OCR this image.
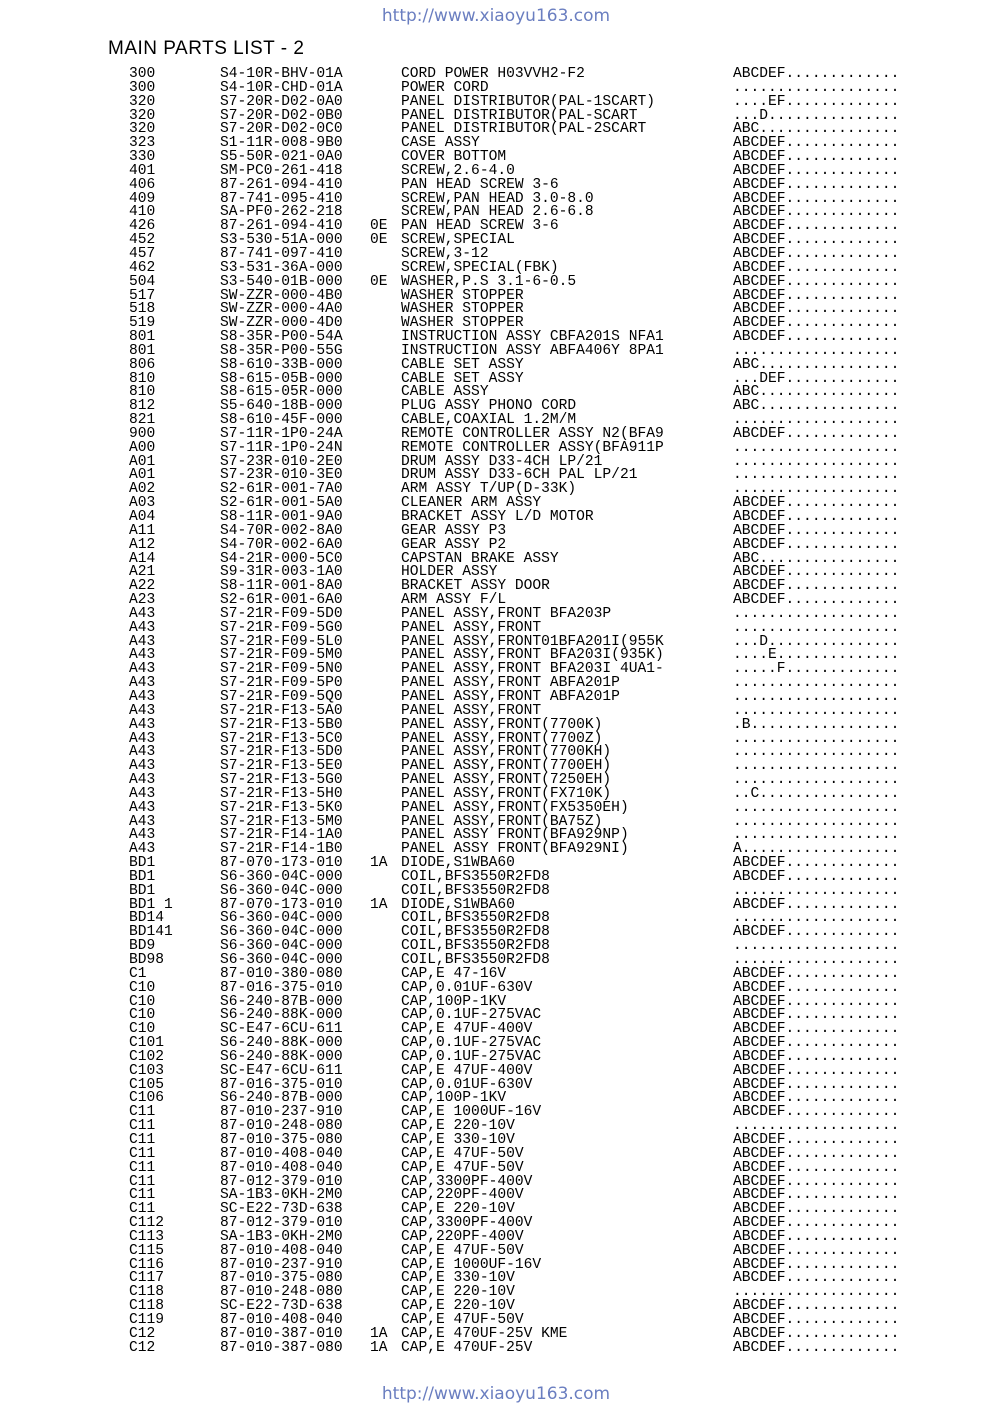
http://www.xiaoyu163.com
MAIN PARTS LIST - 2
300	S4-10R-BHV-01A	CORD POWER H03VVH2-F2	ABCDEF.............
300	S4-10R-CHD-01A	POWER CORD	...................
320	S7-20R-D02-0A0	PANEL DISTRIBUTOR(PAL-1SCART)	....EF.............
320	S7-20R-D02-0B0	PANEL DISTRIBUTOR(PAL-SCART	...D...............
320	S7-20R-D02-0C0	PANEL DISTRIBUTOR(PAL-2SCART	ABC................
323	S1-11R-008-9B0	CASE ASSY	ABCDEF.............
330	S5-50R-021-0A0	COVER BOTTOM	ABCDEF.............
401	SM-PC0-261-418	SCREW,2.6-4.0	ABCDEF.............
406	87-261-094-410	PAN HEAD SCREW 3-6	ABCDEF.............
409	87-741-095-410	SCREW,PAN HEAD 3.0-8.0	ABCDEF.............
410	SA-PF0-262-218	SCREW,PAN HEAD 2.6-6.8	ABCDEF.............
426	87-261-094-410 0E PAN HEAD SCREW 3-6	ABCDEF.............
452	S3-530-51A-000 0E SCREW,SPECIAL	ABCDEF.............
457	87-741-097-410	SCREW,3-12	ABCDEF.............
462	S3-531-36A-000	SCREW,SPECIAL(FBK)	ABCDEF.............
504	S3-540-01B-000 0E WASHER,P.S 3.1-6-0.5	ABCDEF.............
517	SW-ZZR-000-4B0	WASHER STOPPER	ABCDEF.............
518	SW-ZZR-000-4A0	WASHER STOPPER	ABCDEF.............
519	SW-ZZR-000-4D0	WASHER STOPPER	ABCDEF.............
801	S8-35R-P00-54A	INSTRUCTION ASSY CBFA201S NFA1	ABCDEF.............
801	S8-35R-P00-55G	INSTRUCTION ASSY ABFA406Y 8PA1	...................
806	S8-610-33B-000	CABLE SET ASSY	ABC................
810	S8-615-05B-000	CABLE SET ASSY	...DEF.............
810	S8-615-05R-000	CABLE ASSY	ABC................
812	S5-640-18B-000	PLUG ASSY PHONO CORD	ABC................
821	S8-610-45F-000	CABLE,COAXIAL 1.2M/M	...................
900	S7-11R-1P0-24A	REMOTE CONTROLLER ASSY N2(BFA9	ABCDEF.............
A00	S7-11R-1P0-24N	REMOTE CONTROLLER ASSY(BFA911P	...................
A01	S7-23R-010-2E0	DRUM ASSY D33-4CH LP/21	...................
A01	S7-23R-010-3E0	DRUM ASSY D33-6CH PAL LP/21	...................
A02	S2-61R-001-7A0	ARM ASSY T/UP(D-33K)	...................
A03	S2-61R-001-5A0	CLEANER ARM ASSY	ABCDEF.............
A04	S8-11R-001-9A0	BRACKET ASSY L/D MOTOR	ABCDEF.............
A11	S4-70R-002-8A0	GEAR ASSY P3	ABCDEF.............
A12	S4-70R-002-6A0	GEAR ASSY P2	ABCDEF.............
A14	S4-21R-000-5C0	CAPSTAN BRAKE ASSY	ABC................
A21	S9-31R-003-1A0	HOLDER ASSY	ABCDEF.............
A22	S8-11R-001-8A0	BRACKET ASSY DOOR	ABCDEF.............
A23	S2-61R-001-6A0	ARM ASSY F/L	ABCDEF.............
A43	S7-21R-F09-5D0	PANEL ASSY,FRONT BFA203P	...................
A43	S7-21R-F09-5G0	PANEL ASSY,FRONT	...................
A43	S7-21R-F09-5L0	PANEL ASSY,FRONT01BFA201I(955K	...D...............
A43	S7-21R-F09-5M0	PANEL ASSY,FRONT BFA203I(935K)	....E..............
A43	S7-21R-F09-5N0	PANEL ASSY,FRONT BFA203I 4UA1-	.....F.............
A43	S7-21R-F09-5P0	PANEL ASSY,FRONT ABFA201P	...................
A43	S7-21R-F09-5Q0	PANEL ASSY,FRONT ABFA201P	...................
A43	S7-21R-F13-5A0	PANEL ASSY,FRONT	...................
A43	S7-21R-F13-5B0	PANEL ASSY,FRONT(7700K)	.B.................
A43	S7-21R-F13-5C0	PANEL ASSY,FRONT(7700Z)	...................
A43	S7-21R-F13-5D0	PANEL ASSY,FRONT(7700KH)	...................
A43	S7-21R-F13-5E0	PANEL ASSY,FRONT(7700EH)	...................
A43	S7-21R-F13-5G0	PANEL ASSY,FRONT(7250EH)	...................
A43	S7-21R-F13-5H0	PANEL ASSY,FRONT(FX710K)	..C................
A43	S7-21R-F13-5K0	PANEL ASSY,FRONT(FX5350EH)	...................
A43	S7-21R-F13-5M0	PANEL ASSY,FRONT(BA75Z)	...................
A43	S7-21R-F14-1A0	PANEL ASSY FRONT(BFA929NP)	...................
A43	S7-21R-F14-1B0	PANEL ASSY FRONT(BFA929NI)	A..................
BD1	87-070-173-010 1A DIODE,S1WBA60	ABCDEF.............
BD1	S6-360-04C-000	COIL,BFS3550R2FD8	ABCDEF.............
BD1	S6-360-04C-000	COIL,BFS3550R2FD8	...................
BD1 1	87-070-173-010 1A DIODE,S1WBA60	ABCDEF.............
BD14	S6-360-04C-000	COIL,BFS3550R2FD8	...................
BD141	S6-360-04C-000	COIL,BFS3550R2FD8	ABCDEF.............
BD9	S6-360-04C-000	COIL,BFS3550R2FD8	...................
BD98	S6-360-04C-000	COIL,BFS3550R2FD8	...................
C1	87-010-380-080	CAP,E 47-16V	ABCDEF.............
C10	87-016-375-010	CAP,0.01UF-630V	ABCDEF.............
C10	S6-240-87B-000	CAP,100P-1KV	ABCDEF.............
C10	S6-240-88K-000	CAP,0.1UF-275VAC	ABCDEF.............
C10	SC-E47-6CU-611	CAP,E 47UF-400V	ABCDEF.............
C101	S6-240-88K-000	CAP,0.1UF-275VAC	ABCDEF.............
C102	S6-240-88K-000	CAP,0.1UF-275VAC	ABCDEF.............
C103	SC-E47-6CU-611	CAP,E 47UF-400V	ABCDEF.............
C105	87-016-375-010	CAP,0.01UF-630V	ABCDEF.............
C106	S6-240-87B-000	CAP,100P-1KV	ABCDEF.............
C11	87-010-237-910	CAP,E 1000UF-16V	ABCDEF.............
C11	87-010-248-080	CAP,E 220-10V	...................
C11	87-010-375-080	CAP,E 330-10V	ABCDEF.............
C11	87-010-408-040	CAP,E 47UF-50V	ABCDEF.............
C11	87-010-408-040	CAP,E 47UF-50V	ABCDEF.............
C11	87-012-379-010	CAP,3300PF-400V	ABCDEF.............
C11	SA-1B3-0KH-2M0	CAP,220PF-400V	ABCDEF.............
C11	SC-E22-73D-638	CAP,E 220-10V	ABCDEF.............
C112	87-012-379-010	CAP,3300PF-400V	ABCDEF.............
C113	SA-1B3-0KH-2M0	CAP,220PF-400V	ABCDEF.............
C115	87-010-408-040	CAP,E 47UF-50V	ABCDEF.............
C116	87-010-237-910	CAP,E 1000UF-16V	ABCDEF.............
C117	87-010-375-080	CAP,E 330-10V	ABCDEF.............
C118	87-010-248-080	CAP,E 220-10V	...................
C118	SC-E22-73D-638	CAP,E 220-10V	ABCDEF.............
C119	87-010-408-040	CAP,E 47UF-50V	ABCDEF.............
C12	87-010-387-010 1A CAP,E 470UF-25V KME	ABCDEF.............
C12	87-010-387-080 1A CAP,E 470UF-25V	ABCDEF.............
http://www.xiaoyu163.com
